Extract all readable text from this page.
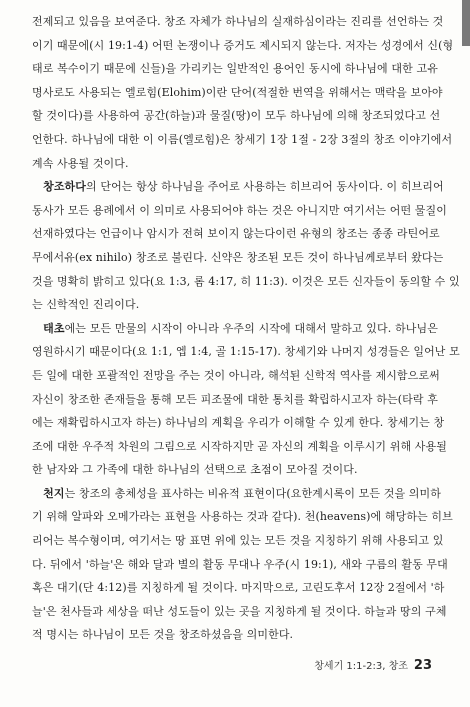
전제되고 있음을 보여준다. 창조 자체가 하나님의 실재하심이라는 진리를 선언하는 것
이기 때문에(시 19:1-4) 어떤 논쟁이나 증거도 제시되지 않는다. 저자는 성경에서 신(형
태로 복수이기 때문에 신들)을 가리키는 일반적인 용어인 동시에 하나님에 대한 고유
명사로도 사용되는 엘로힘(Elohim)이란 단어(적절한 번역을 위해서는 맥락을 보아야
할 것이다)를 사용하여 공간(하늘)과 물질(땅)이 모두 하나님에 의해 창조되었다고 선
언한다. 하나님에 대한 이 이름(엘로힘)은 창세기 1장 1절 - 2장 3절의 창조 이야기에서
계속 사용될 것이다.
 창조하다의 단어는 항상 하나님을 주어로 사용하는 히브리어 동사이다. 이 히브리어
동사가 모든 용례에서 이 의미로 사용되어야 하는 것은 아니지만 여기서는 어떤 물질이
선재하였다는 언급이나 암시가 전혀 보이지 않는다이런 유형의 창조는 종종 라틴어로
무에서유(ex nihilo) 창조로 불린다. 신약은 창조된 모든 것이 하나님께로부터 왔다는
것을 명확히 밝히고 있다(요 1:3, 롬 4:17, 히 11:3). 이것은 모든 신자들이 동의할 수 있
는 신학적인 진리이다.
 태초에는 모든 만물의 시작이 아니라 우주의 시작에 대해서 말하고 있다. 하나님은
영원하시기 때문이다(요 1:1, 엡 1:4, 골 1:15-17). 창세기와 나머지 성경들은 일어난 모
든 일에 대한 포괄적인 전망을 주는 것이 아니라, 해석된 신학적 역사를 제시함으로써
자신이 창조한 존재들을 통해 모든 피조물에 대한 통치를 확립하시고자 하는(타락 후
에는 재확립하시고자 하는) 하나님의 계획을 우리가 이해할 수 있게 한다. 창세기는 창
조에 대한 우주적 차원의 그림으로 시작하지만 곧 자신의 계획을 이루시기 위해 사용될
한 남자와 그 가족에 대한 하나님의 선택으로 초점이 모아질 것이다.
 천지는 창조의 총체성을 표사하는 비유적 표현이다(요한계시록이 모든 것을 의미하
기 위해 알파와 오메가라는 표현을 사용하는 것과 같다). 천(heavens)에 해당하는 히브
리어는 복수형이며, 여기서는 땅 표면 위에 있는 모든 것을 지칭하기 위해 사용되고 있
다. 뒤에서 '하늘'은 해와 달과 별의 활동 무대나 우주(시 19:1), 새와 구름의 활동 무대
혹은 대기(단 4:12)를 지칭하게 될 것이다. 마지막으로, 고린도후서 12장 2절에서 '하
늘'은 천사들과 세상을 떠난 성도들이 있는 곳을 지칭하게 될 것이다. 하늘과 땅의 구체
적 명시는 하나님이 모든 것을 창조하셨음을 의미한다.
창세기 1:1-2:3, 창조 23
